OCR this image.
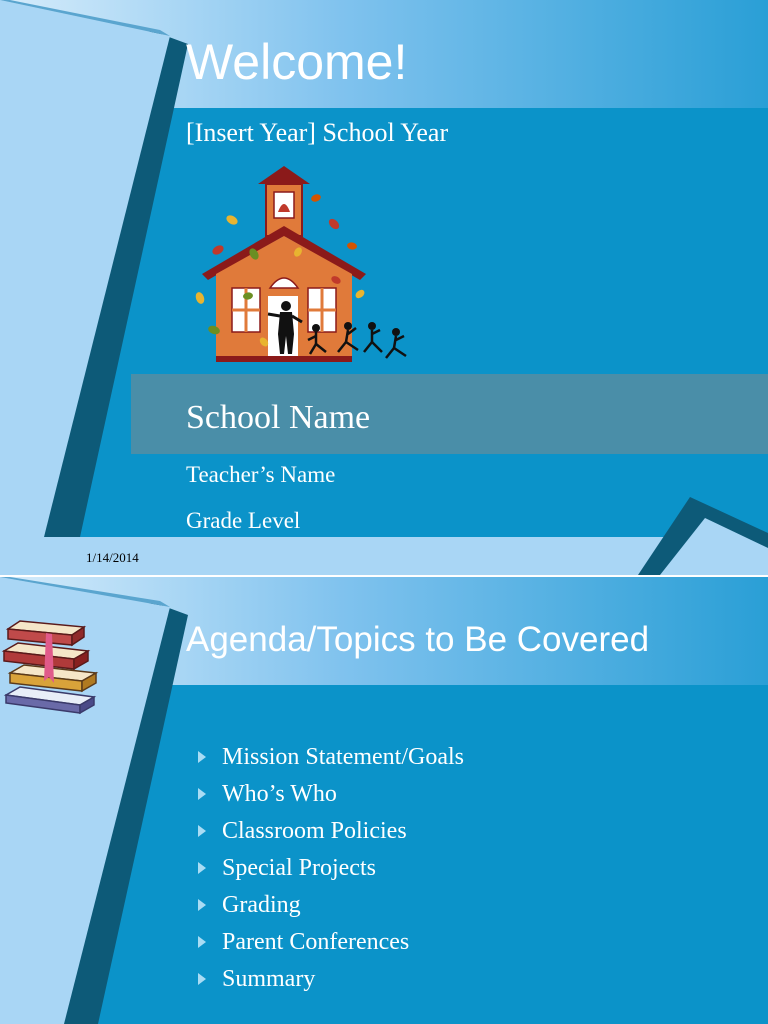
Welcome!

[Insert Year] School Year

School Name

Teacher’s Name

Grade Level

1/14/2014

Agenda/Topics to Be Covered
Mission Statement/Goals
Who’s Who
Classroom Policies
Special Projects
Grading
Parent Conferences
Summary
